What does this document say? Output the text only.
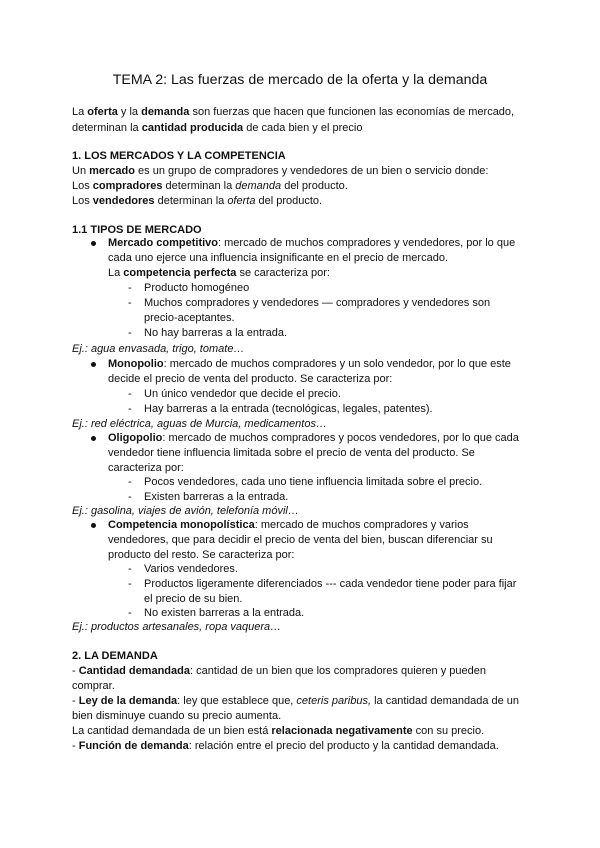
TEMA 2: Las fuerzas de mercado de la oferta y la demanda
La oferta y la demanda son fuerzas que hacen que funcionen las economías de mercado,
determinan la cantidad producida de cada bien y el precio
1. LOS MERCADOS Y LA COMPETENCIA
Un mercado es un grupo de compradores y vendedores de un bien o servicio donde:
Los compradores determinan la demanda del producto.
Los vendedores determinan la oferta del producto.
1.1 TIPOS DE MERCADO
Mercado competitivo: mercado de muchos compradores y vendedores, por lo que
cada uno ejerce una influencia insignificante en el precio de mercado.
La competencia perfecta se caracteriza por:
- Producto homogéneo
- Muchos compradores y vendedores — compradores y vendedores son
precio-aceptantes.
- No hay barreras a la entrada.
Ej.: agua envasada, trigo, tomate…
Monopolio: mercado de muchos compradores y un solo vendedor, por lo que este
decide el precio de venta del producto. Se caracteriza por:
- Un único vendedor que decide el precio.
- Hay barreras a la entrada (tecnológicas, legales, patentes).
Ej.: red eléctrica, aguas de Murcia, medicamentos…
Oligopolio: mercado de muchos compradores y pocos vendedores, por lo que cada
vendedor tiene influencia limitada sobre el precio de venta del producto. Se
caracteriza por:
- Pocos vendedores, cada uno tiene influencia limitada sobre el precio.
- Existen barreras a la entrada.
Ej.: gasolina, viajes de avión, telefonía móvil…
Competencia monopolística: mercado de muchos compradores y varios
vendedores, que para decidir el precio de venta del bien, buscan diferenciar su
producto del resto. Se caracteriza por:
- Varios vendedores.
- Productos ligeramente diferenciados --- cada vendedor tiene poder para fijar
el precio de su bien.
- No existen barreras a la entrada.
Ej.: productos artesanales, ropa vaquera…
2. LA DEMANDA
- Cantidad demandada: cantidad de un bien que los compradores quieren y pueden
comprar.
- Ley de la demanda: ley que establece que, ceteris paribus, la cantidad demandada de un
bien disminuye cuando su precio aumenta.
La cantidad demandada de un bien está relacionada negativamente con su precio.
- Función de demanda: relación entre el precio del producto y la cantidad demandada.
